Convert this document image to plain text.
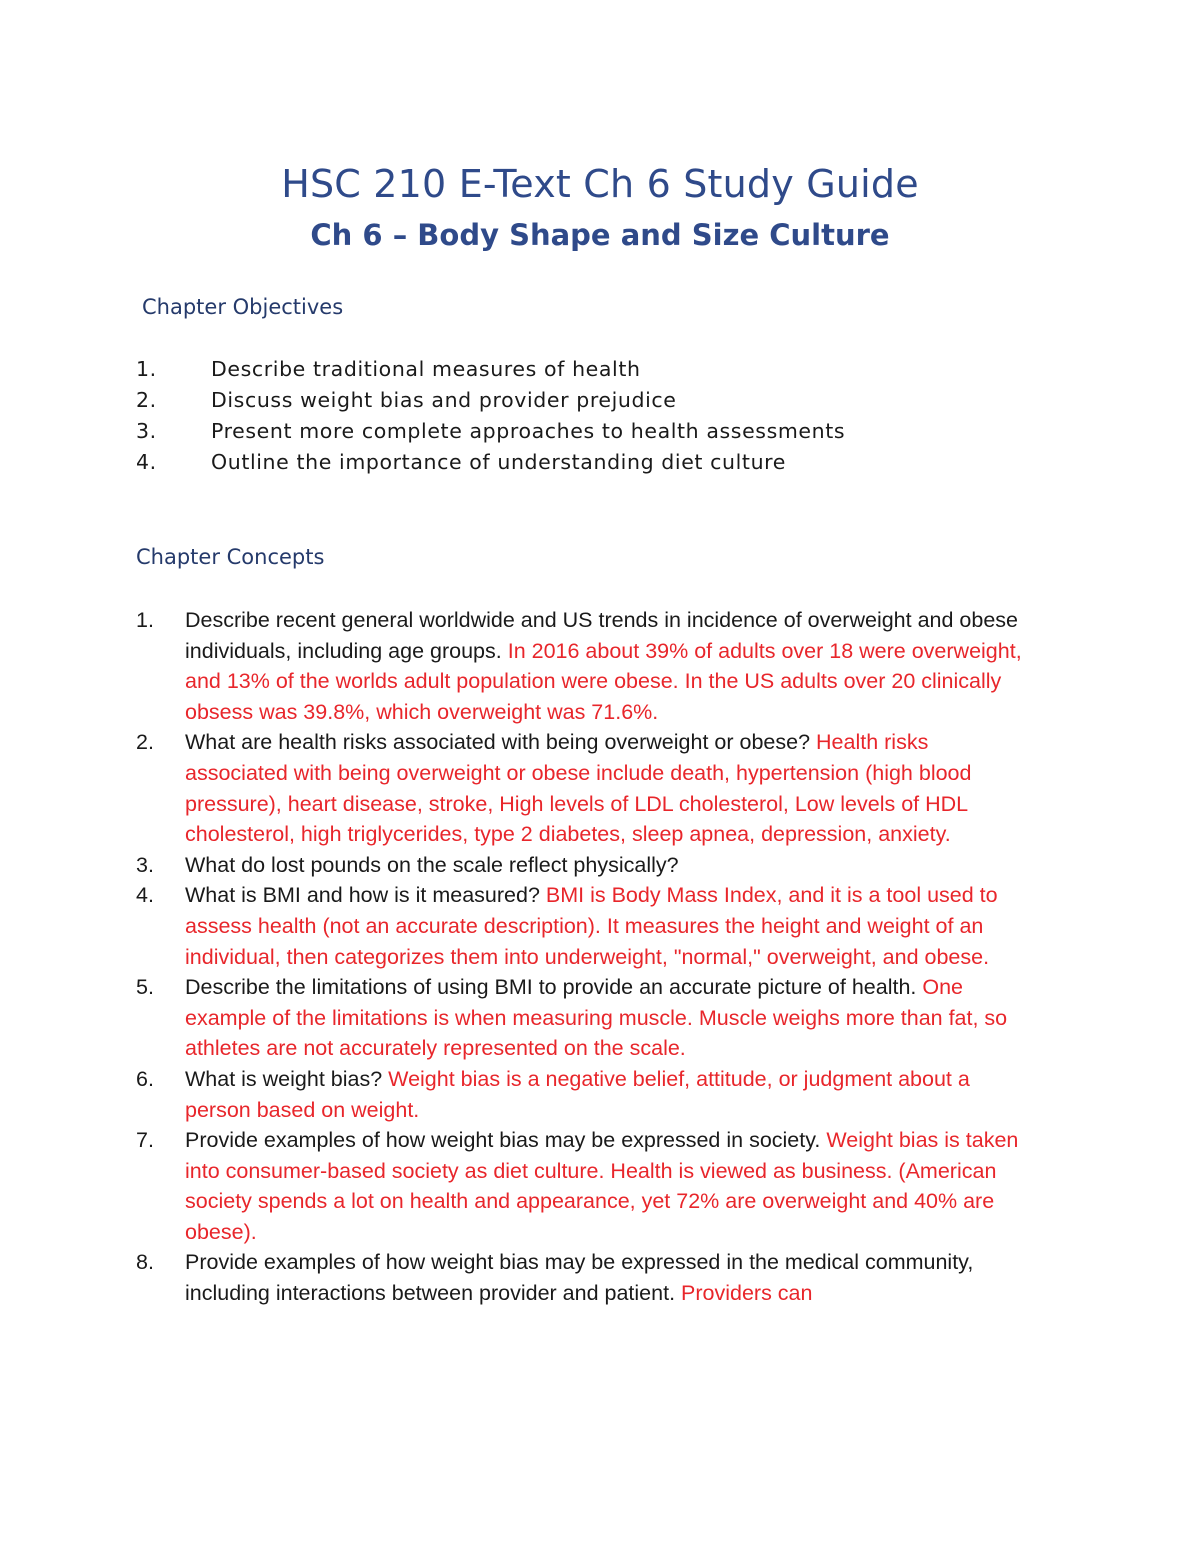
HSC 210 E-Text Ch 6 Study Guide
Ch 6 – Body Shape and Size Culture
Chapter Objectives
1.	Describe traditional measures of health
2.	Discuss weight bias and provider prejudice
3.	Present more complete approaches to health assessments
4.	Outline the importance of understanding diet culture
Chapter Concepts
1. Describe recent general worldwide and US trends in incidence of overweight and obese individuals, including age groups. In 2016 about 39% of adults over 18 were overweight, and 13% of the worlds adult population were obese. In the US adults over 20 clinically obsess was 39.8%, which overweight was 71.6%.
2. What are health risks associated with being overweight or obese? Health risks associated with being overweight or obese include death, hypertension (high blood pressure), heart disease, stroke, High levels of LDL cholesterol, Low levels of HDL cholesterol, high triglycerides, type 2 diabetes, sleep apnea, depression, anxiety.
3. What do lost pounds on the scale reflect physically?
4. What is BMI and how is it measured? BMI is Body Mass Index, and it is a tool used to assess health (not an accurate description). It measures the height and weight of an individual, then categorizes them into underweight, "normal," overweight, and obese.
5. Describe the limitations of using BMI to provide an accurate picture of health. One example of the limitations is when measuring muscle. Muscle weighs more than fat, so athletes are not accurately represented on the scale.
6. What is weight bias? Weight bias is a negative belief, attitude, or judgment about a person based on weight.
7. Provide examples of how weight bias may be expressed in society. Weight bias is taken into consumer-based society as diet culture. Health is viewed as business. (American society spends a lot on health and appearance, yet 72% are overweight and 40% are obese).
8. Provide examples of how weight bias may be expressed in the medical community, including interactions between provider and patient. Providers can
